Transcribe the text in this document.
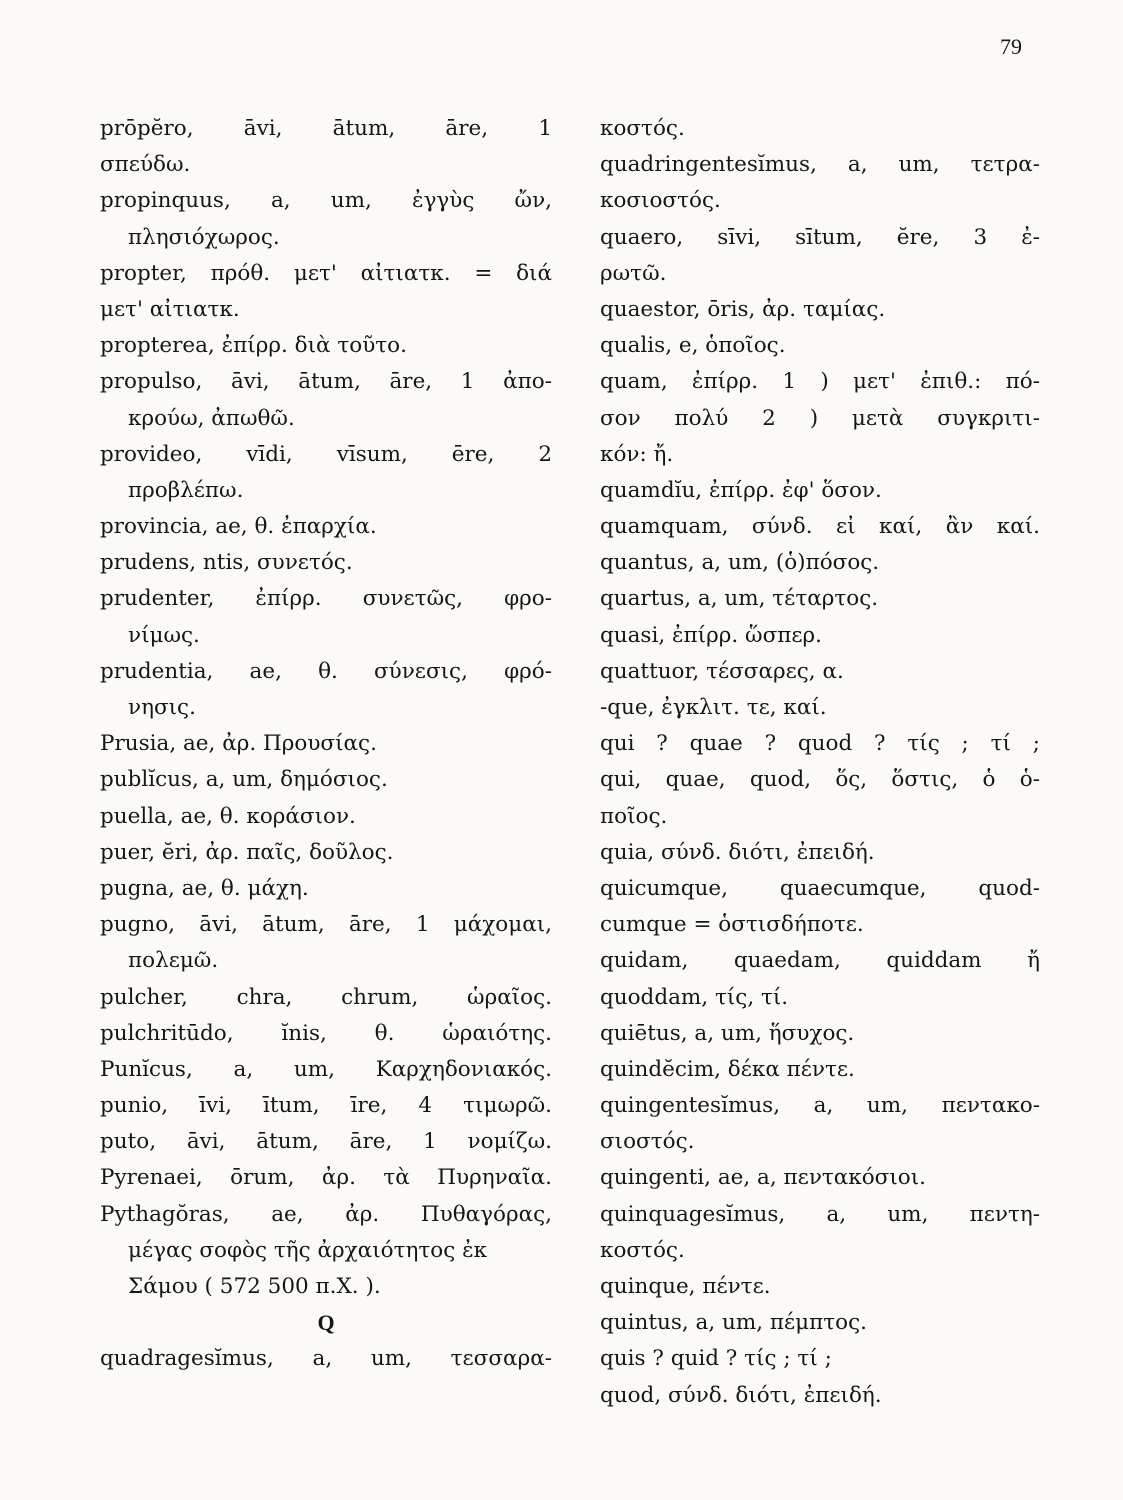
79
prōpĕro, āvi, ātum, āre, 1
σπεύδω.
propinquus, a, um, ἐγγὺς ὤν,
πλησιόχωρος.
propter, πρόθ. μετ' αἰτιατκ. = διά
μετ' αἰτιατκ.
propterea, ἐπίρρ. διὰ τοῦτο.
propulso, āvi, ātum, āre, 1 ἀπο-
κρούω, ἀπωθῶ.
provideo, vīdi, vīsum, ēre, 2
προβλέπω.
provincia, ae, θ. ἐπαρχία.
prudens, ntis, συνετός.
prudenter, ἐπίρρ. συνετῶς, φρο-
νίμως.
prudentia, ae, θ. σύνεσις, φρό-
νησις.
Prusia, ae, ἀρ. Προυσίας.
publĭcus, a, um, δημόσιος.
puella, ae, θ. κοράσιον.
puer, ĕri, ἀρ. παῖς, δοῦλος.
pugna, ae, θ. μάχη.
pugno, āvi, ātum, āre, 1 μάχομαι,
πολεμῶ.
pulcher, chra, chrum, ὡραῖος.
pulchritūdo, ĭnis, θ. ὡραιότης.
Punĭcus, a, um, Καρχηδονιακός.
punio, īvi, ītum, īre, 4 τιμωρῶ.
puto, āvi, ātum, āre, 1 νομίζω.
Pyrenaei, ōrum, ἀρ. τὰ Πυρηναῖα.
Pythagŏras, ae, ἀρ. Πυθαγόρας,
μέγας σοφὸς τῆς ἀρχαιότητος ἐκ
Σάμου ( 572 500 π.Χ. ).
Q
quadragesĭmus, a, um, τεσσαρα-
κοστός.
quadringentesĭmus, a, um, τετρα-
κοσιοστός.
quaero, sīvi, sītum, ĕre, 3 ἐ-
ρωτῶ.
quaestor, ōris, ἀρ. ταμίας.
qualis, e, ὁποῖος.
quam, ἐπίρρ. 1 ) μετ' ἐπιθ.: πό-
σον πολύ 2 ) μετὰ συγκριτι-
κόν: ἤ.
quamdĭu, ἐπίρρ. ἐφ' ὅσον.
quamquam, σύνδ. εἰ καί, ἂν καί.
quantus, a, um, (ὁ)πόσος.
quartus, a, um, τέταρτος.
quasi, ἐπίρρ. ὥσπερ.
quattuor, τέσσαρες, α.
-que, ἐγκλιτ. τε, καί.
qui ? quae ? quod ? τίς ; τί ;
qui, quae, quod, ὅς, ὅστις, ὁ ὁ-
ποῖος.
quia, σύνδ. διότι, ἐπειδή.
quicumque, quaecumque, quod-
cumque = ὁστισδήποτε.
quidam, quaedam, quiddam ἤ
quoddam, τίς, τί.
quiētus, a, um, ἥσυχος.
quindĕcim, δέκα πέντε.
quingentesĭmus, a, um, πεντακο-
σιοστός.
quingenti, ae, a, πεντακόσιοι.
quinquagesĭmus, a, um, πεντη-
κοστός.
quinque, πέντε.
quintus, a, um, πέμπτος.
quis ? quid ? τίς ; τί ;
quod, σύνδ. διότι, ἐπειδή.
